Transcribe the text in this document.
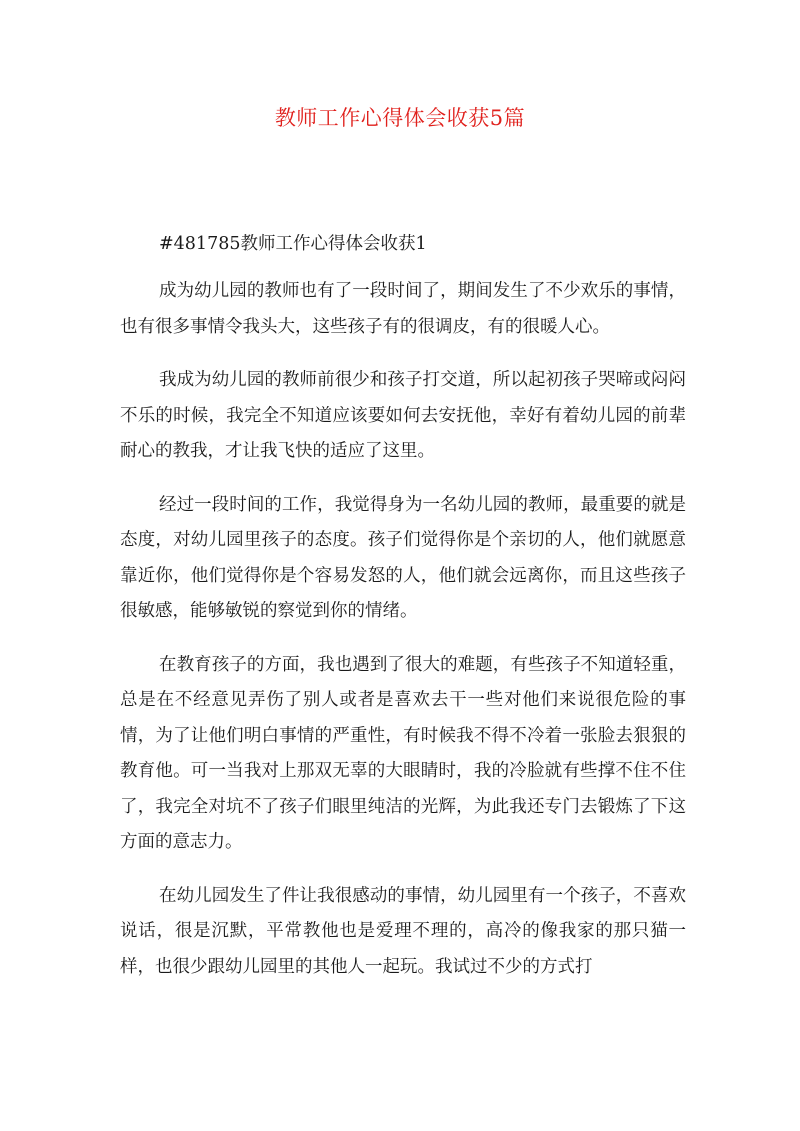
教师工作心得体会收获5篇

#481785教师工作心得体会收获1

成为幼儿园的教师也有了一段时间了，期间发生了不少欢乐的事情，也有很多事情令我头大，这些孩子有的很调皮，有的很暖人心。

我成为幼儿园的教师前很少和孩子打交道，所以起初孩子哭啼或闷闷不乐的时候，我完全不知道应该要如何去安抚他，幸好有着幼儿园的前辈耐心的教我，才让我飞快的适应了这里。

经过一段时间的工作，我觉得身为一名幼儿园的教师，最重要的就是态度，对幼儿园里孩子的态度。孩子们觉得你是个亲切的人，他们就愿意靠近你，他们觉得你是个容易发怒的人，他们就会远离你，而且这些孩子很敏感，能够敏锐的察觉到你的情绪。

在教育孩子的方面，我也遇到了很大的难题，有些孩子不知道轻重，总是在不经意见弄伤了别人或者是喜欢去干一些对他们来说很危险的事情，为了让他们明白事情的严重性，有时候我不得不冷着一张脸去狠狠的教育他。可一当我对上那双无辜的大眼睛时，我的冷脸就有些撑不住不住了，我完全对坑不了孩子们眼里纯洁的光辉，为此我还专门去锻炼了下这方面的意志力。

在幼儿园发生了件让我很感动的事情，幼儿园里有一个孩子，不喜欢说话，很是沉默，平常教他也是爱理不理的，高冷的像我家的那只猫一样，也很少跟幼儿园里的其他人一起玩。我试过不少的方式打
